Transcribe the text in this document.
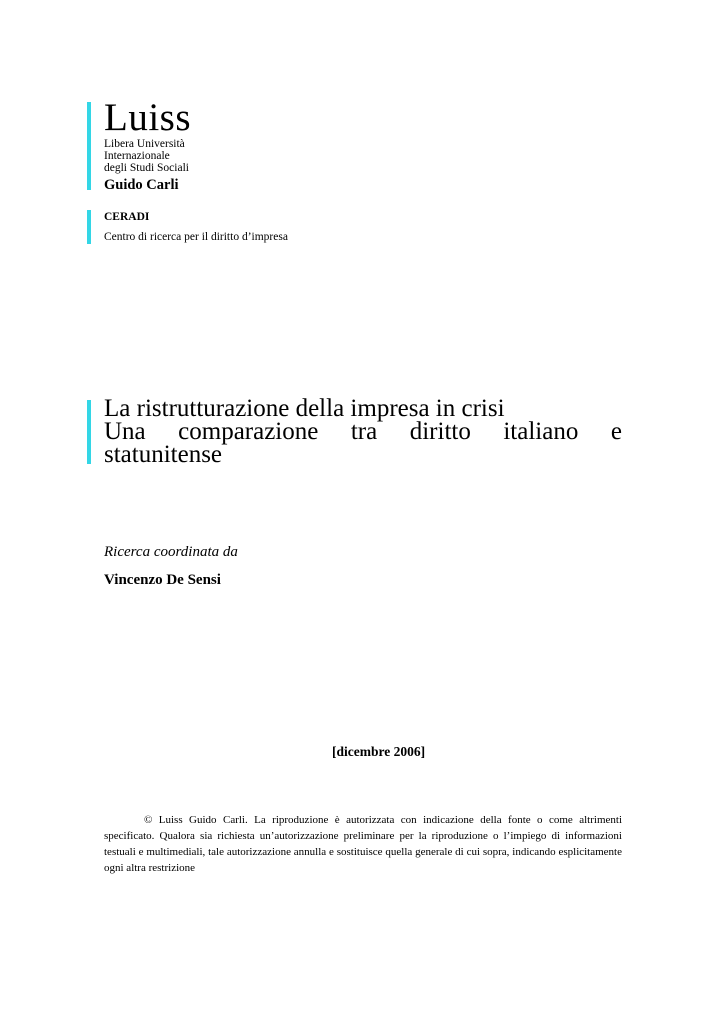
Luiss
Libera Università
Internazionale
degli Studi Sociali
Guido Carli
CERADI
Centro di ricerca per il diritto d’impresa
La ristrutturazione della impresa in crisi
Una comparazione tra diritto italiano e
statunitense
Ricerca coordinata da
Vincenzo De Sensi
[dicembre 2006]
© Luiss Guido Carli. La riproduzione è autorizzata con indicazione della fonte o come altrimenti specificato. Qualora sia richiesta un’autorizzazione preliminare per la riproduzione o l’impiego di informazioni testuali e multimediali, tale autorizzazione annulla e sostituisce quella generale di cui sopra, indicando esplicitamente ogni altra restrizione
